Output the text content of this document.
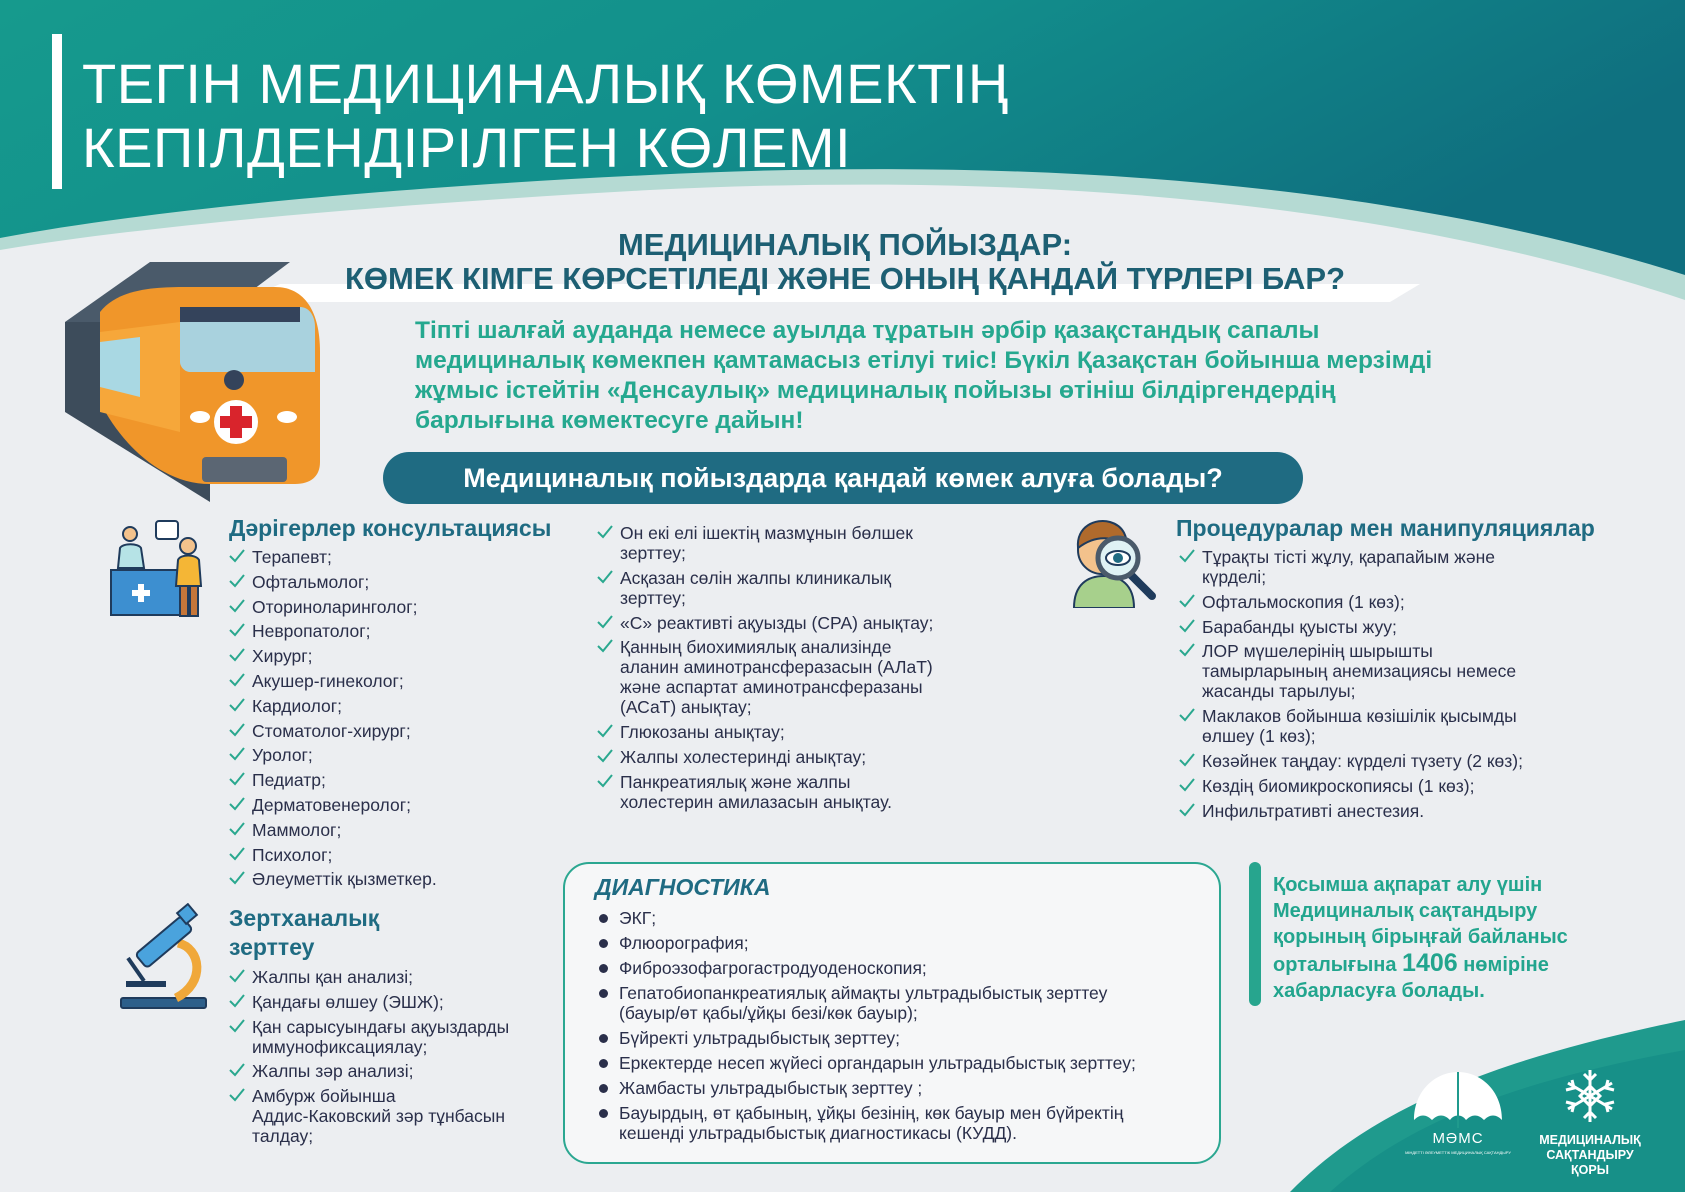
ТЕГІН МЕДИЦИНАЛЫҚ КӨМЕКТІҢ
КЕПІЛДЕНДІРІЛГЕН КӨЛЕМІ
МЕДИЦИНАЛЫҚ ПОЙЫЗДАР:
КӨМЕК КІМГЕ КӨРСЕТІЛЕДІ ЖӘНЕ ОНЫҢ ҚАНДАЙ ТҮРЛЕРІ БАР?
Тіпті шалғай ауданда немесе ауылда тұратын әрбір қазақстандық сапалы
медициналық көмекпен қамтамасыз етілуі тиіс! Бүкіл Қазақстан бойынша мерзімді
жұмыс істейтін «Денсаулық» медициналық пойызы өтініш білдіргендердің
барлығына көмектесуге дайын!
Медициналық пойыздарда қандай көмек алуға болады?
Дәрігерлер консультациясы
Терапевт;
Офтальмолог;
Оториноларинголог;
Невропатолог;
Хирург;
Акушер-гинеколог;
Кардиолог;
Стоматолог-хирург;
Уролог;
Педиатр;
Дерматовенеролог;
Маммолог;
Психолог;
Әлеуметтік қызметкер.
Зертханалық
зерттеу
Жалпы қан анализі;
Қандағы өлшеу (ЭШЖ);
Қан сарысуындағы ақуыздарды
иммунофиксациялау;
Жалпы зәр анализі;
Амбурж бойынша
Аддис-Каковский зәр тұнбасын
талдау;
Он екі елі ішектің мазмұнын бөлшек
зерттеу;
Асқазан сөлін жалпы клиникалық
зерттеу;
«С» реактивті ақуызды (СРА) анықтау;
Қанның биохимиялық анализінде
аланин аминотрансферазасын (АЛаТ)
және аспартат аминотрансферазаны
(АСаТ) анықтау;
Глюкозаны анықтау;
Жалпы холестеринді анықтау;
Панкреатиялық және жалпы
холестерин амилазасын анықтау.
Процедуралар мен манипуляциялар
Тұрақты тісті жұлу, қарапайым және
күрделі;
Офтальмоскопия (1 көз);
Барабанды қуысты жуу;
ЛОР мүшелерінің шырышты
тамырларының анемизациясы немесе
жасанды тарылуы;
Маклаков бойынша көзішілік қысымды
өлшеу (1 көз);
Көзәйнек таңдау: күрделі түзету (2 көз);
Көздің биомикроскопиясы (1 көз);
Инфильтративті анестезия.
ДИАГНОСТИКА
ЭКГ;
Флюорография;
Фиброэзофагрогастродуоденоскопия;
Гепатобиопанкреатиялық аймақты ультрадыбыстық зерттеу
(бауыр/өт қабы/ұйқы безі/көк бауыр);
Бүйректі ультрадыбыстық зерттеу;
Еркектерде несеп жүйесі органдарын ультрадыбыстық зерттеу;
Жамбасты ультрадыбыстық зерттеу ;
Бауырдың, өт қабының, ұйқы безінің, көк бауыр мен бүйректің
кешенді ультрадыбыстық диагностикасы (КУДД).
Қосымша ақпарат алу үшін
Медициналық сақтандыру
қорының бірыңғай байланыс
орталығына 1406 нөміріне
хабарласуға болады.
МӘМС
МІНДЕТТІ ӘЛЕУМЕТТІК МЕДИЦИНАЛЫҚ САҚТАНДЫРУ
МЕДИЦИНАЛЫҚ
САҚТАНДЫРУ
ҚОРЫ
